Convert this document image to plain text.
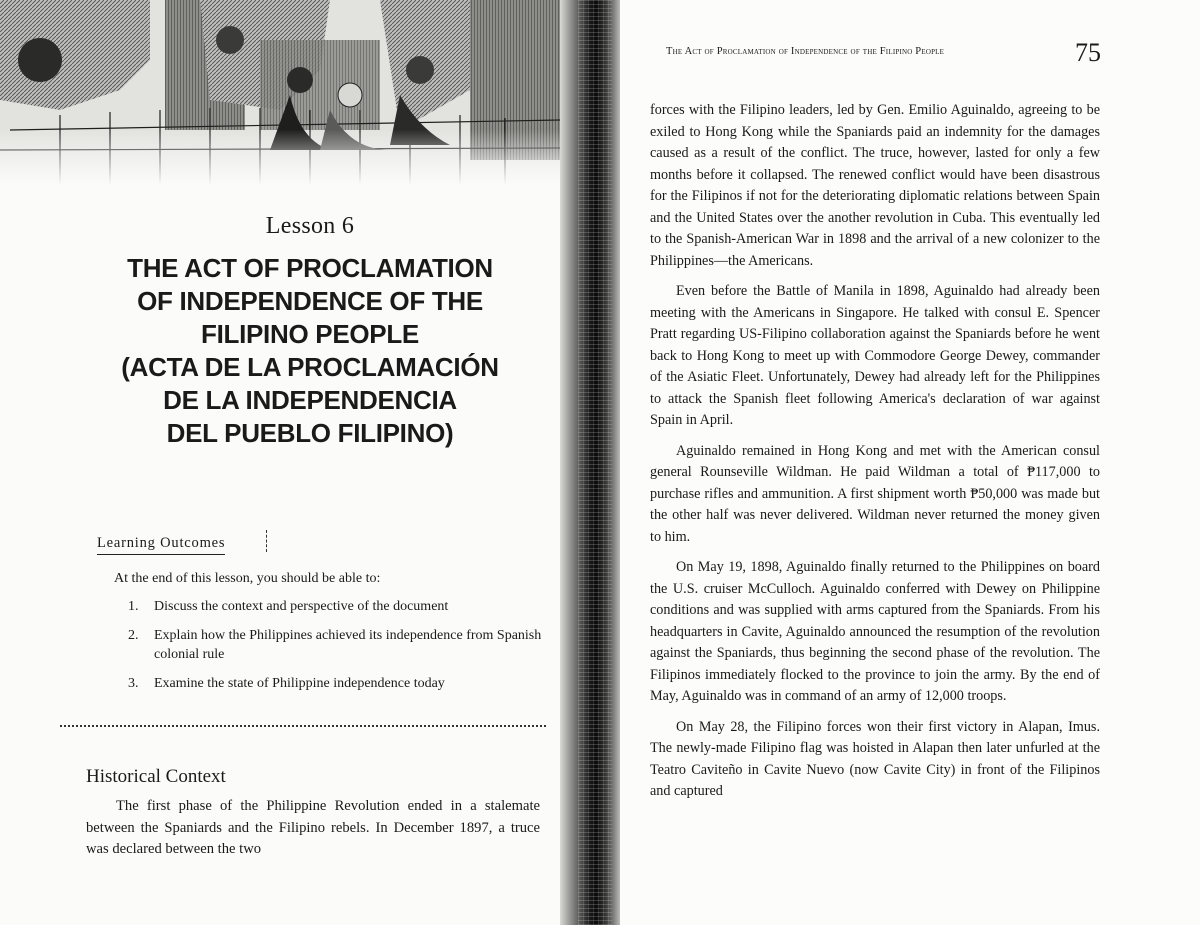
Lesson 6
THE ACT OF PROCLAMATION
OF INDEPENDENCE OF THE
FILIPINO PEOPLE
(ACTA DE LA PROCLAMACIÓN
DE LA INDEPENDENCIA
DEL PUEBLO FILIPINO)
Learning Outcomes
At the end of this lesson, you should be able to:
1. Discuss the context and perspective of the document
2. Explain how the Philippines achieved its independence from Spanish colonial rule
3. Examine the state of Philippine independence today
Historical Context

The first phase of the Philippine Revolution ended in a stalemate between the Spaniards and the Filipino rebels. In December 1897, a truce was declared between the two

The Act of Proclamation of Independence of the Filipino People	75

forces with the Filipino leaders, led by Gen. Emilio Aguinaldo, agreeing to be exiled to Hong Kong while the Spaniards paid an indemnity for the damages caused as a result of the conflict. The truce, however, lasted for only a few months before it collapsed. The renewed conflict would have been disastrous for the Filipinos if not for the deteriorating diplomatic relations between Spain and the United States over the another revolution in Cuba. This eventually led to the Spanish-American War in 1898 and the arrival of a new colonizer to the Philippines—the Americans.

Even before the Battle of Manila in 1898, Aguinaldo had already been meeting with the Americans in Singapore. He talked with consul E. Spencer Pratt regarding US-Filipino collaboration against the Spaniards before he went back to Hong Kong to meet up with Commodore George Dewey, commander of the Asiatic Fleet. Unfortunately, Dewey had already left for the Philippines to attack the Spanish fleet following America's declaration of war against Spain in April.

Aguinaldo remained in Hong Kong and met with the American consul general Rounseville Wildman. He paid Wildman a total of ₱117,000 to purchase rifles and ammunition. A first shipment worth ₱50,000 was made but the other half was never delivered. Wildman never returned the money given to him.

On May 19, 1898, Aguinaldo finally returned to the Philippines on board the U.S. cruiser McCulloch. Aguinaldo conferred with Dewey on Philippine conditions and was supplied with arms captured from the Spaniards. From his headquarters in Cavite, Aguinaldo announced the resumption of the revolution against the Spaniards, thus beginning the second phase of the revolution. The Filipinos immediately flocked to the province to join the army. By the end of May, Aguinaldo was in command of an army of 12,000 troops.

On May 28, the Filipino forces won their first victory in Alapan, Imus. The newly-made Filipino flag was hoisted in Alapan then later unfurled at the Teatro Caviteño in Cavite Nuevo (now Cavite City) in front of the Filipinos and captured
